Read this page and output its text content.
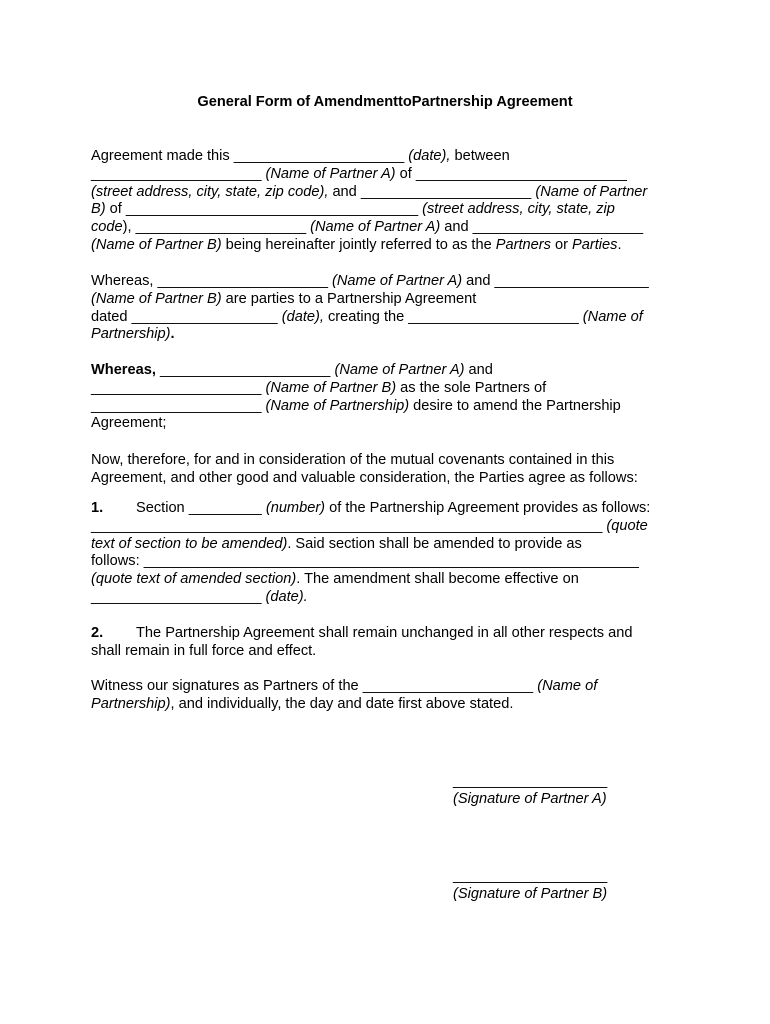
General Form of AmendmenttoPartnership Agreement
Agreement made this _____________________ (date), between
_____________________ (Name of Partner A) of __________________________
(street address, city, state, zip code), and _____________________ (Name of Partner
B) of ____________________________________ (street address, city, state, zip
code), _____________________ (Name of Partner A) and _____________________
(Name of Partner B) being hereinafter jointly referred to as the Partners or Parties.
Whereas, _____________________ (Name of Partner A) and ___________________
(Name of Partner B) are parties to a Partnership Agreement
dated __________________ (date), creating the _____________________ (Name of
Partnership).
Whereas, _____________________ (Name of Partner A) and
_____________________ (Name of Partner B) as the sole Partners of
_____________________ (Name of Partnership) desire to amend the Partnership
Agreement;
Now, therefore, for and in consideration of the mutual covenants contained in this
Agreement, and other good and valuable consideration, the Parties agree as follows:
1. Section _________ (number) of the Partnership Agreement provides as follows:
_______________________________________________________________ (quote
text of section to be amended). Said section shall be amended to provide as
follows: _____________________________________________________________
(quote text of amended section). The amendment shall become effective on
_____________________ (date).
2. The Partnership Agreement shall remain unchanged in all other respects and
shall remain in full force and effect.
Witness our signatures as Partners of the _____________________ (Name of
Partnership), and individually, the day and date first above stated.
___________________
(Signature of Partner A)
___________________
(Signature of Partner B)
